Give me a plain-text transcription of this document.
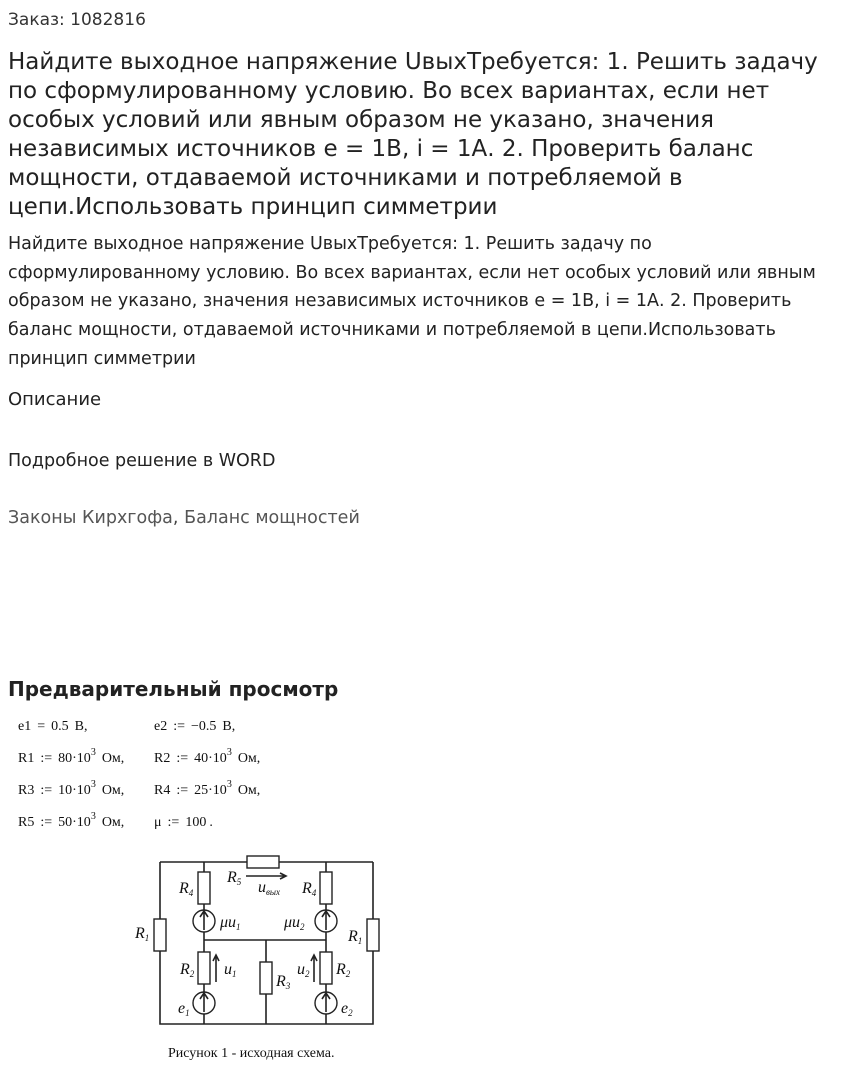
Заказ: 1082816
Найдите выходное напряжение UвыхТребуется: 1. Решить задачу по сформулированному условию. Во всех вариантах, если нет особых условий или явным образом не указано, значения независимых источников е = 1В, i = 1А. 2. Проверить баланс мощности, отдаваемой источниками и потребляемой в цепи.Использовать принцип симметрии

Найдите выходное напряжение UвыхТребуется: 1. Решить задачу по сформулированному условию. Во всех вариантах, если нет особых условий или явным образом не указано, значения независимых источников е = 1В, i = 1А. 2. Проверить баланс мощности, отдаваемой источниками и потребляемой в цепи.Использовать принцип симметрии

Описание
Подробное решение в WORD
Законы Кирхгофа, Баланс мощностей
Предварительный просмотр
e1 = 0.5 В,	e2 := −0.5 В,
R1 := $80\cdot 10^3$ Ом, R2 := $40\cdot 10^3$ Ом,
R3 := $10\cdot 10^3$ Ом, R4 := $25\cdot 10^3$ Ом,
R5 := $50\cdot 10^3$ Ом, μ := 100 .
R5 uвых
R4	R4
R1	R1
μu1	μu2
R2	R2
u1	u2
R3
e1	e2
Рисунок 1 - исходная схема.
